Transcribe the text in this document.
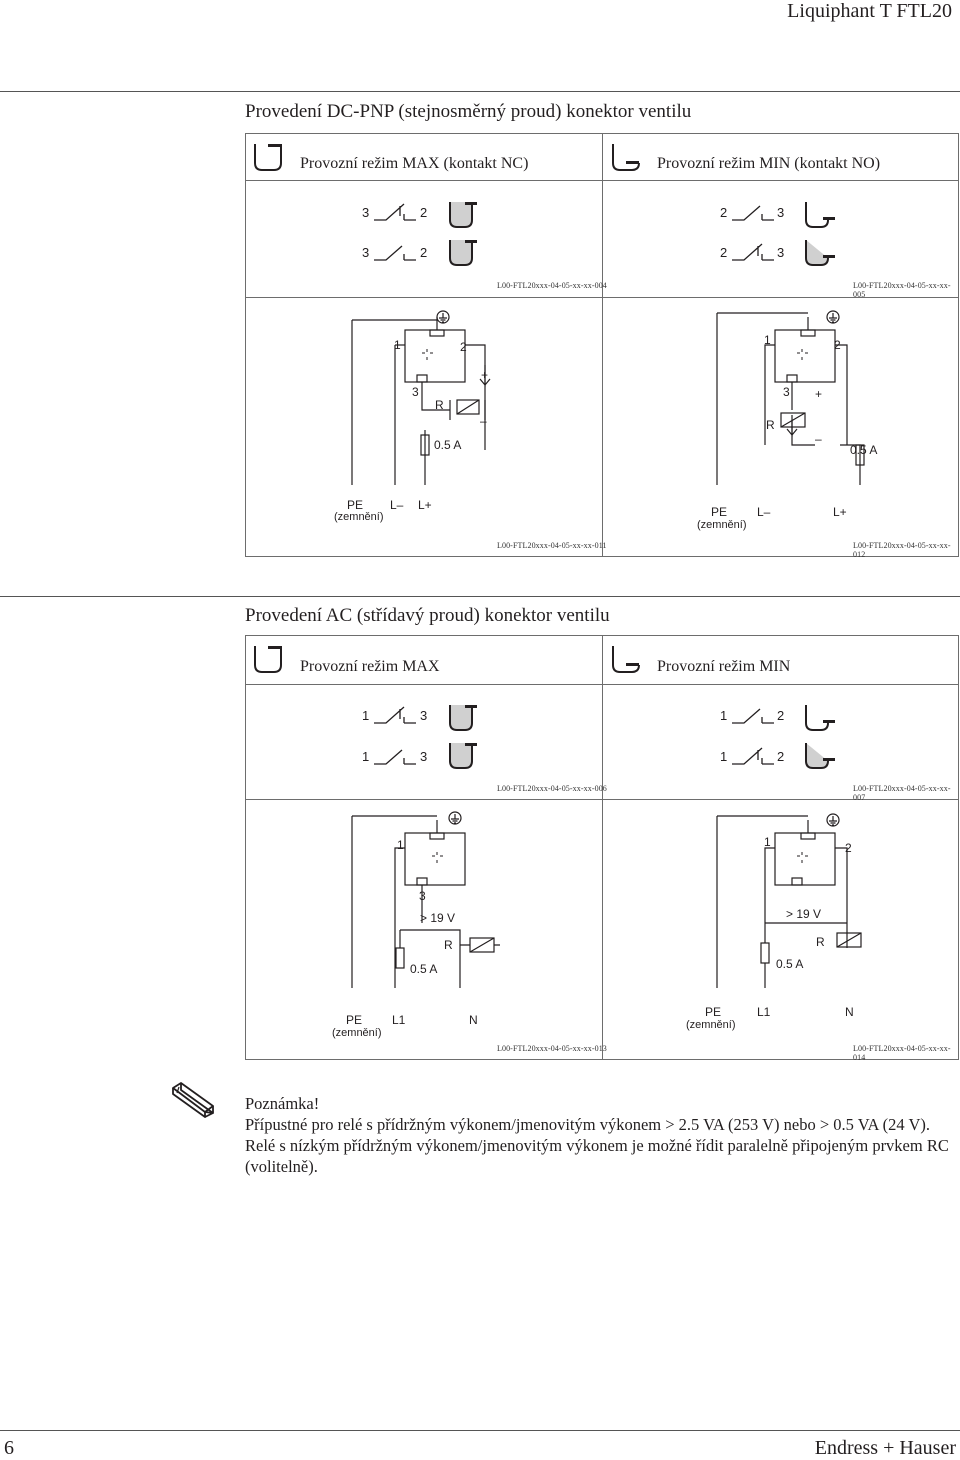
Liquiphant T FTL20
Provedení DC-PNP (stejnosměrný proud) konektor ventilu
Provozní režim MAX (kontakt NC)	Provozní režim MIN (kontakt NO)
3	2
3	2
2	3
2	3
L00-FTL20xxx-04-05-xx-xx-004	L00-FTL20xxx-04-05-xx-xx-005
1	2
3
R
+
–
0.5 A
PE
(zemnění)
L– L+
1	2
3
R
+
–
0.5 A
PE
(zemnění)
L–	L+
L00-FTL20xxx-04-05-xx-xx-011	L00-FTL20xxx-04-05-xx-xx-012
Provedení AC (střídavý proud) konektor ventilu
Provozní režim MAX	Provozní režim MIN
1	3
1	3
1	2
1	2
L00-FTL20xxx-04-05-xx-xx-006	L00-FTL20xxx-04-05-xx-xx-007
1
3
> 19 V
R
0.5 A
PE
(zemnění)
L1	N
1	2
> 19 V
R
0.5 A
PE
(zemnění)
L1	N
L00-FTL20xxx-04-05-xx-xx-013	L00-FTL20xxx-04-05-xx-xx-014
Poznámka!
Přípustné pro relé s přídržným výkonem/jmenovitým výkonem > 2.5 VA (253 V) nebo > 0.5 VA (24 V).
Relé s nízkým přídržným výkonem/jmenovitým výkonem je možné řídit paralelně připojeným prvkem RC
(volitelně).
6	Endress + Hauser
